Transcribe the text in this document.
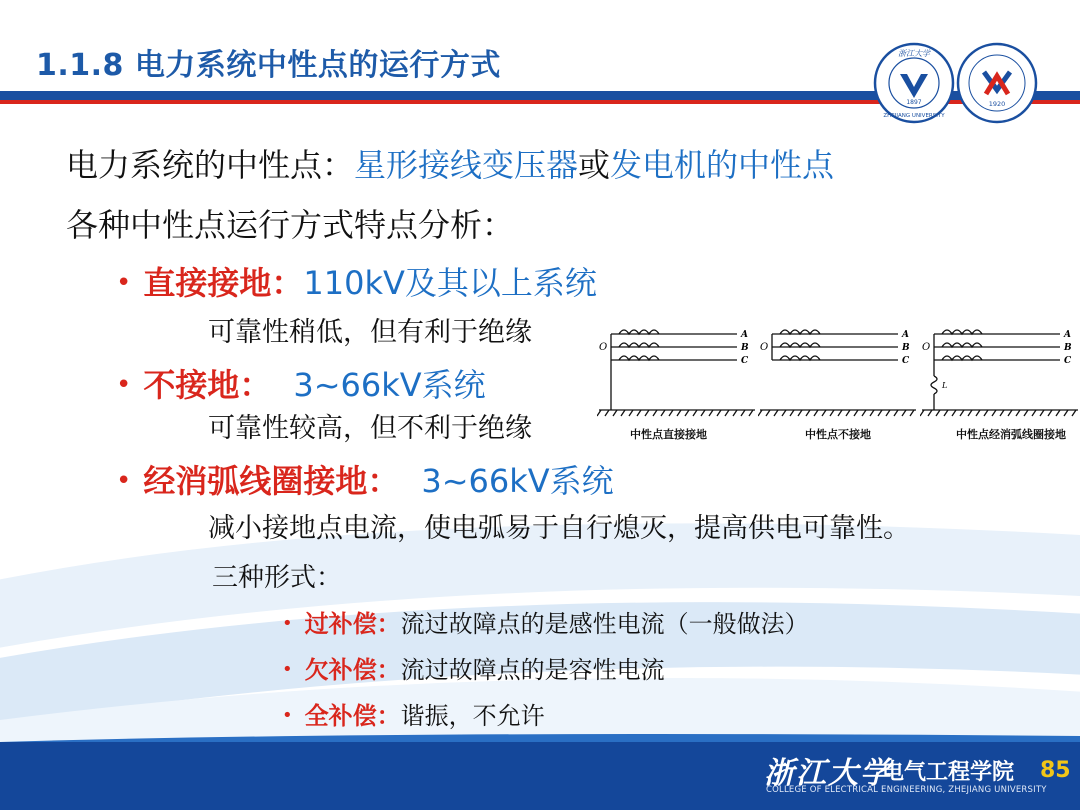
1.1.8 电力系统中性点的运行方式
1897
浙江大学
ZHEJIANG UNIVERSITY
1920
电力系统的中性点：星形接线变压器或发电机的中性点
各种中性点运行方式特点分析：
• 直接接地：110kV及其以上系统
可靠性稍低，但有利于绝缘
• 不接地： 3~66kV系统
可靠性较高，但不利于绝缘
• 经消弧线圈接地： 3~66kV系统
减小接地点电流，使电弧易于自行熄灭，提高供电可靠性。
三种形式：
• 过补偿：流过故障点的是感性电流（一般做法）
• 欠补偿：流过故障点的是容性电流
• 全补偿：谐振，不允许
O
A
B
C
O
A
B
C
O
A
B
C
L
中性点直接接地	中性点不接地	中性点经消弧线圈接地
浙江大学
电气工程学院
COLLEGE OF ELECTRICAL ENGINEERING, ZHEJIANG UNIVERSITY
85
